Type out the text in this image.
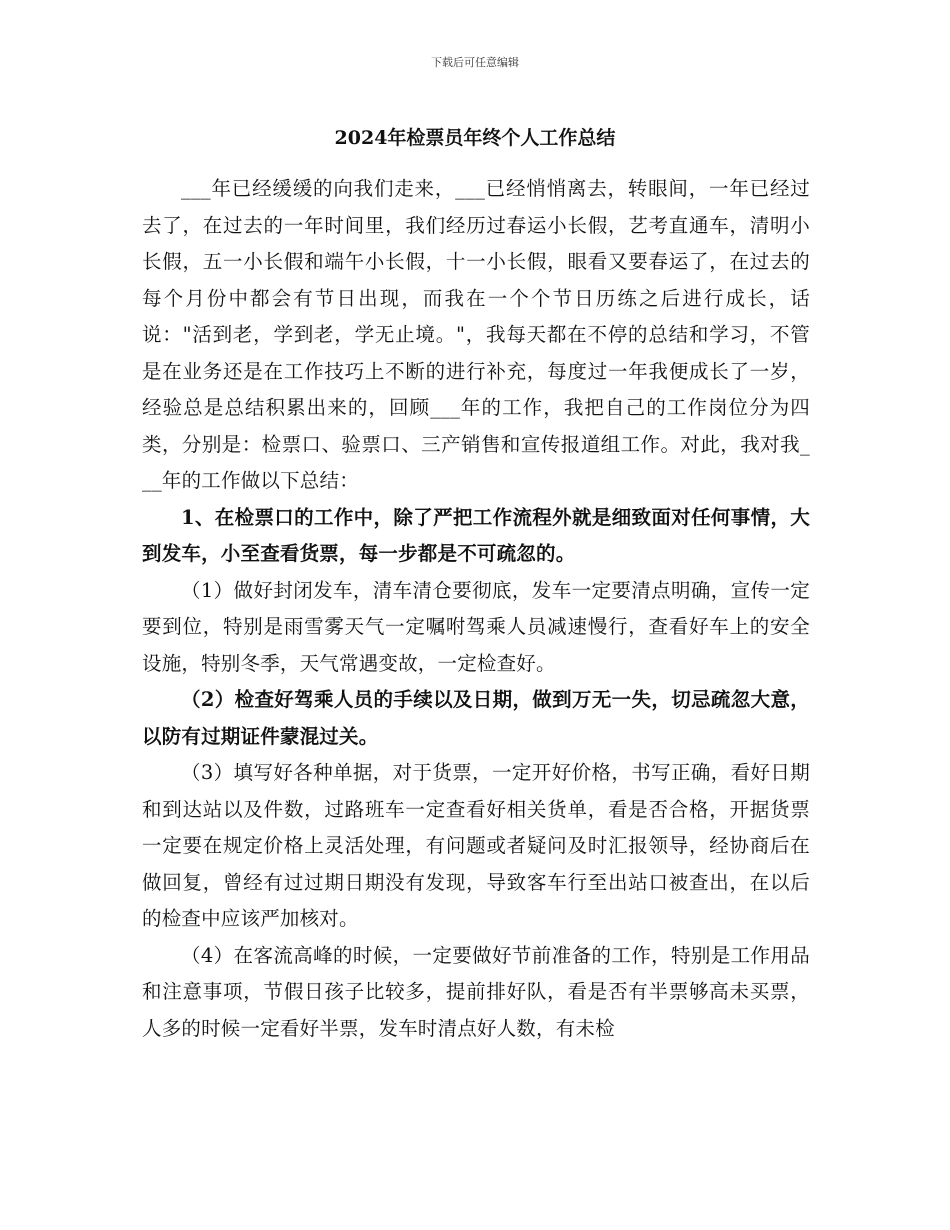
下载后可任意编辑
2024年检票员年终个人工作总结

___年已经缓缓的向我们走来，___已经悄悄离去，转眼间，一年已经过去了，在过去的一年时间里，我们经历过春运小长假，艺考直通车，清明小长假，五一小长假和端午小长假，十一小长假，眼看又要春运了，在过去的每个月份中都会有节日出现，而我在一个个节日历练之后进行成长，话说："活到老，学到老，学无止境。"，我每天都在不停的总结和学习，不管是在业务还是在工作技巧上不断的进行补充，每度过一年我便成长了一岁，经验总是总结积累出来的，回顾___年的工作，我把自己的工作岗位分为四类，分别是：检票口、验票口、三产销售和宣传报道组工作。对此，我对我___年的工作做以下总结：

1、在检票口的工作中，除了严把工作流程外就是细致面对任何事情，大到发车，小至查看货票，每一步都是不可疏忽的。

（1）做好封闭发车，清车清仓要彻底，发车一定要清点明确，宣传一定要到位，特别是雨雪雾天气一定嘱咐驾乘人员减速慢行，查看好车上的安全设施，特别冬季，天气常遇变故，一定检查好。

（2）检查好驾乘人员的手续以及日期，做到万无一失，切忌疏忽大意，以防有过期证件蒙混过关。

（3）填写好各种单据，对于货票，一定开好价格，书写正确，看好日期和到达站以及件数，过路班车一定查看好相关货单，看是否合格，开据货票一定要在规定价格上灵活处理，有问题或者疑问及时汇报领导，经协商后在做回复，曾经有过过期日期没有发现，导致客车行至出站口被查出，在以后的检查中应该严加核对。

（4）在客流高峰的时候，一定要做好节前准备的工作，特别是工作用品和注意事项，节假日孩子比较多，提前排好队，看是否有半票够高未买票，人多的时候一定看好半票，发车时清点好人数，有未检
